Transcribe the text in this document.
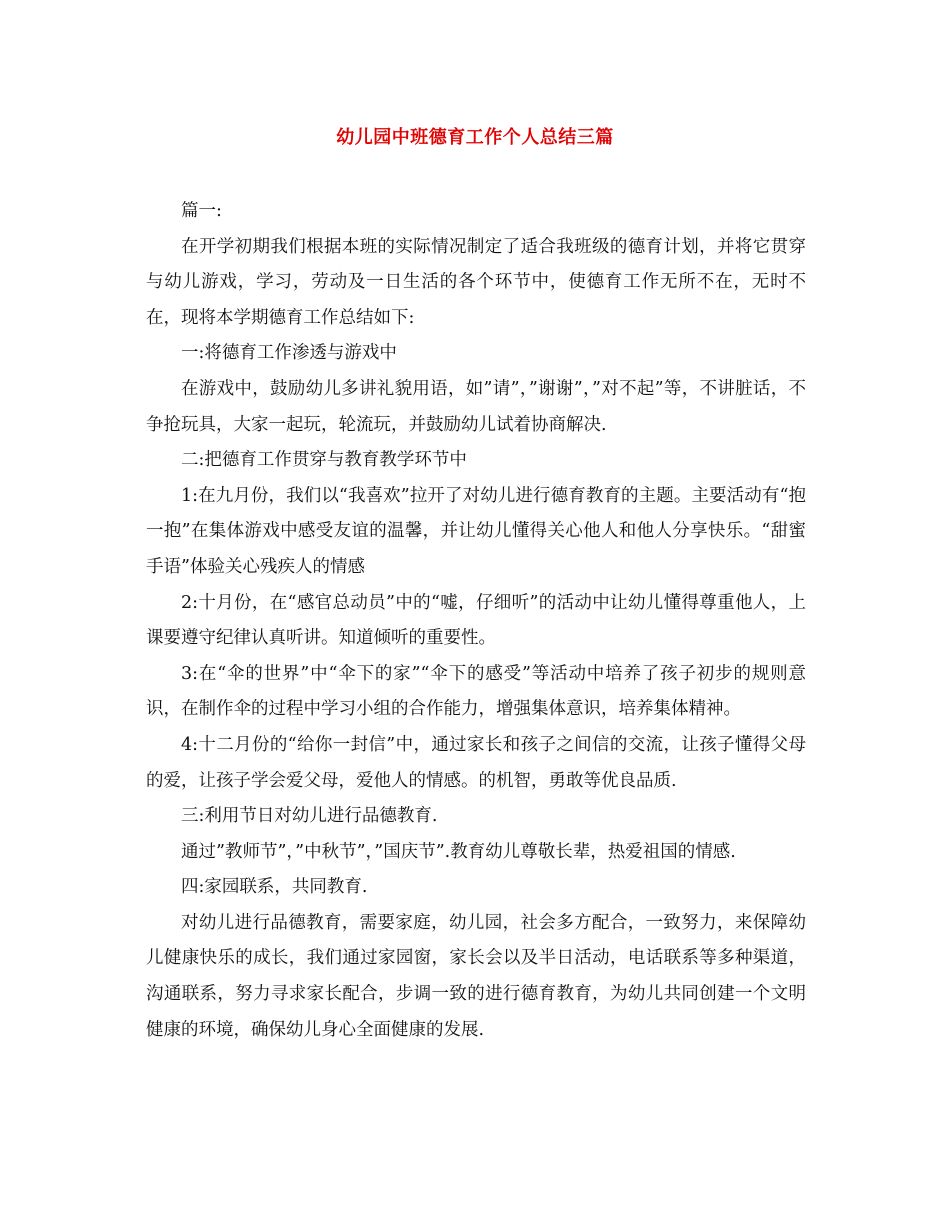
幼儿园中班德育工作个人总结三篇

篇一:

在开学初期我们根据本班的实际情况制定了适合我班级的德育计划，并将它贯穿与幼儿游戏，学习，劳动及一日生活的各个环节中，使德育工作无所不在，无时不在，现将本学期德育工作总结如下:

一:将德育工作渗透与游戏中

在游戏中，鼓励幼儿多讲礼貌用语，如”请”，”谢谢”，”对不起”等，不讲脏话，不争抢玩具，大家一起玩，轮流玩，并鼓励幼儿试着协商解决.

二:把德育工作贯穿与教育教学环节中

1:在九月份，我们以“我喜欢”拉开了对幼儿进行德育教育的主题。主要活动有“抱一抱”在集体游戏中感受友谊的温馨，并让幼儿懂得关心他人和他人分享快乐。“甜蜜手语”体验关心残疾人的情感

2:十月份，在“感官总动员”中的“嘘，仔细听”的活动中让幼儿懂得尊重他人，上课要遵守纪律认真听讲。知道倾听的重要性。

3:在“伞的世界”中“伞下的家”“伞下的感受”等活动中培养了孩子初步的规则意识，在制作伞的过程中学习小组的合作能力，增强集体意识，培养集体精神。

4:十二月份的“给你一封信”中，通过家长和孩子之间信的交流，让孩子懂得父母的爱，让孩子学会爱父母，爱他人的情感。的机智，勇敢等优良品质.

三:利用节日对幼儿进行品德教育.

通过”教师节”，”中秋节”，”国庆节”.教育幼儿尊敬长辈，热爱祖国的情感.

四:家园联系，共同教育.

对幼儿进行品德教育，需要家庭，幼儿园，社会多方配合，一致努力，来保障幼儿健康快乐的成长，我们通过家园窗，家长会以及半日活动，电话联系等多种渠道，沟通联系，努力寻求家长配合，步调一致的进行德育教育，为幼儿共同创建一个文明健康的环境，确保幼儿身心全面健康的发展.
